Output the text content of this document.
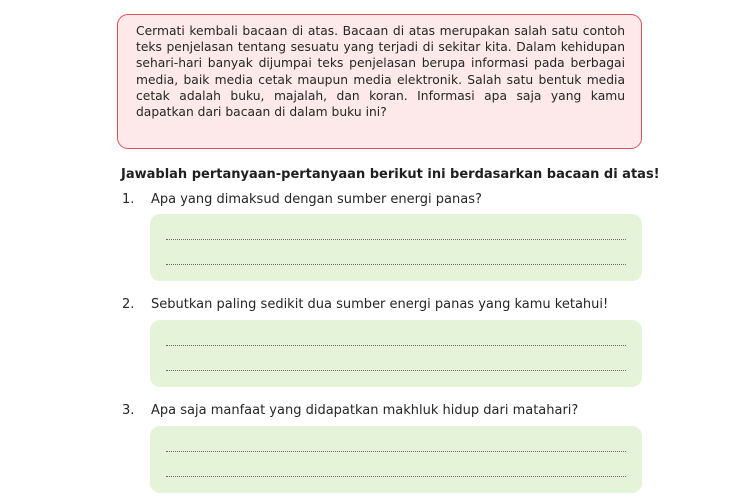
Cermati kembali bacaan di atas. Bacaan di atas merupakan salah satu contoh teks penjelasan tentang sesuatu yang terjadi di sekitar kita. Dalam kehidupan sehari-hari banyak dijumpai teks penjelasan berupa informasi pada berbagai media, baik media cetak maupun media elektronik. Salah satu bentuk media cetak adalah buku, majalah, dan koran. Informasi apa saja yang kamu dapatkan dari bacaan di dalam buku ini?

Jawablah pertanyaan-pertanyaan berikut ini berdasarkan bacaan di atas!

1. Apa yang dimaksud dengan sumber energi panas?

2. Sebutkan paling sedikit dua sumber energi panas yang kamu ketahui!

3. Apa saja manfaat yang didapatkan makhluk hidup dari matahari?
